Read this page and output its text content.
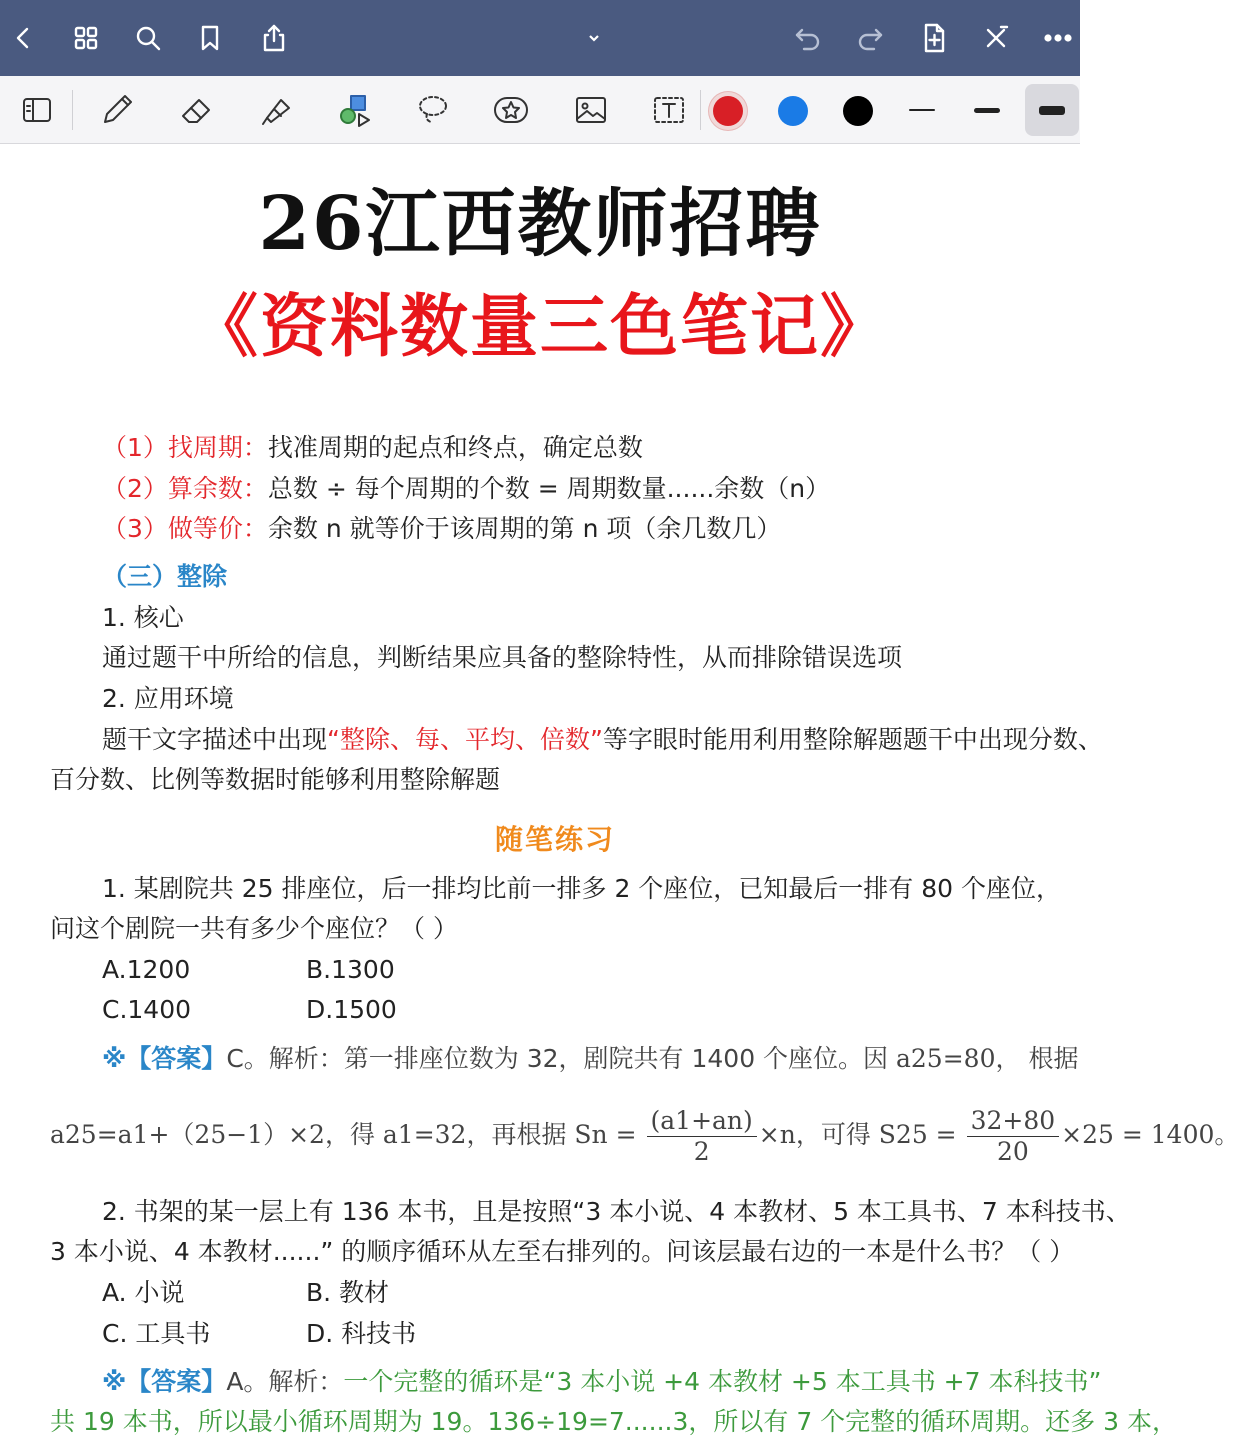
26江西教师招聘
《资料数量三色笔记》
（1）找周期：找准周期的起点和终点，确定总数
（2）算余数：总数 ÷ 每个周期的个数 = 周期数量......余数（n）
（3）做等价：余数 n 就等价于该周期的第 n 项（余几数几）
（三）整除
1. 核心
通过题干中所给的信息，判断结果应具备的整除特性，从而排除错误选项
2. 应用环境
题干文字描述中出现“整除、每、平均、倍数”等字眼时能用利用整除解题题干中出现分数、
百分数、比例等数据时能够利用整除解题
随笔练习
1. 某剧院共 25 排座位，后一排均比前一排多 2 个座位，已知最后一排有 80 个座位，
问这个剧院一共有多少个座位？（ ）
A.1200	B.1300
C.1400	D.1500
※【答案】C。解析：第一排座位数为 32，剧院共有 1400 个座位。因 a25=80， 根据
a25=a1+（25−1）×2，得 a1=32，再根据 $Sn = \frac{(a1+an)}{2} \times n$，可得 $S25 = \frac{32+80}{20} \times 25 = 1400$。
2. 书架的某一层上有 136 本书，且是按照“3 本小说、4 本教材、5 本工具书、7 本科技书、
3 本小说、4 本教材......” 的顺序循环从左至右排列的。问该层最右边的一本是什么书？（ ）
A. 小说	B. 教材
C. 工具书	D. 科技书
※【答案】A。解析：一个完整的循环是“3 本小说 +4 本教材 +5 本工具书 +7 本科技书”
共 19 本书，所以最小循环周期为 19。136÷19=7......3，所以有 7 个完整的循环周期。还多 3 本，
